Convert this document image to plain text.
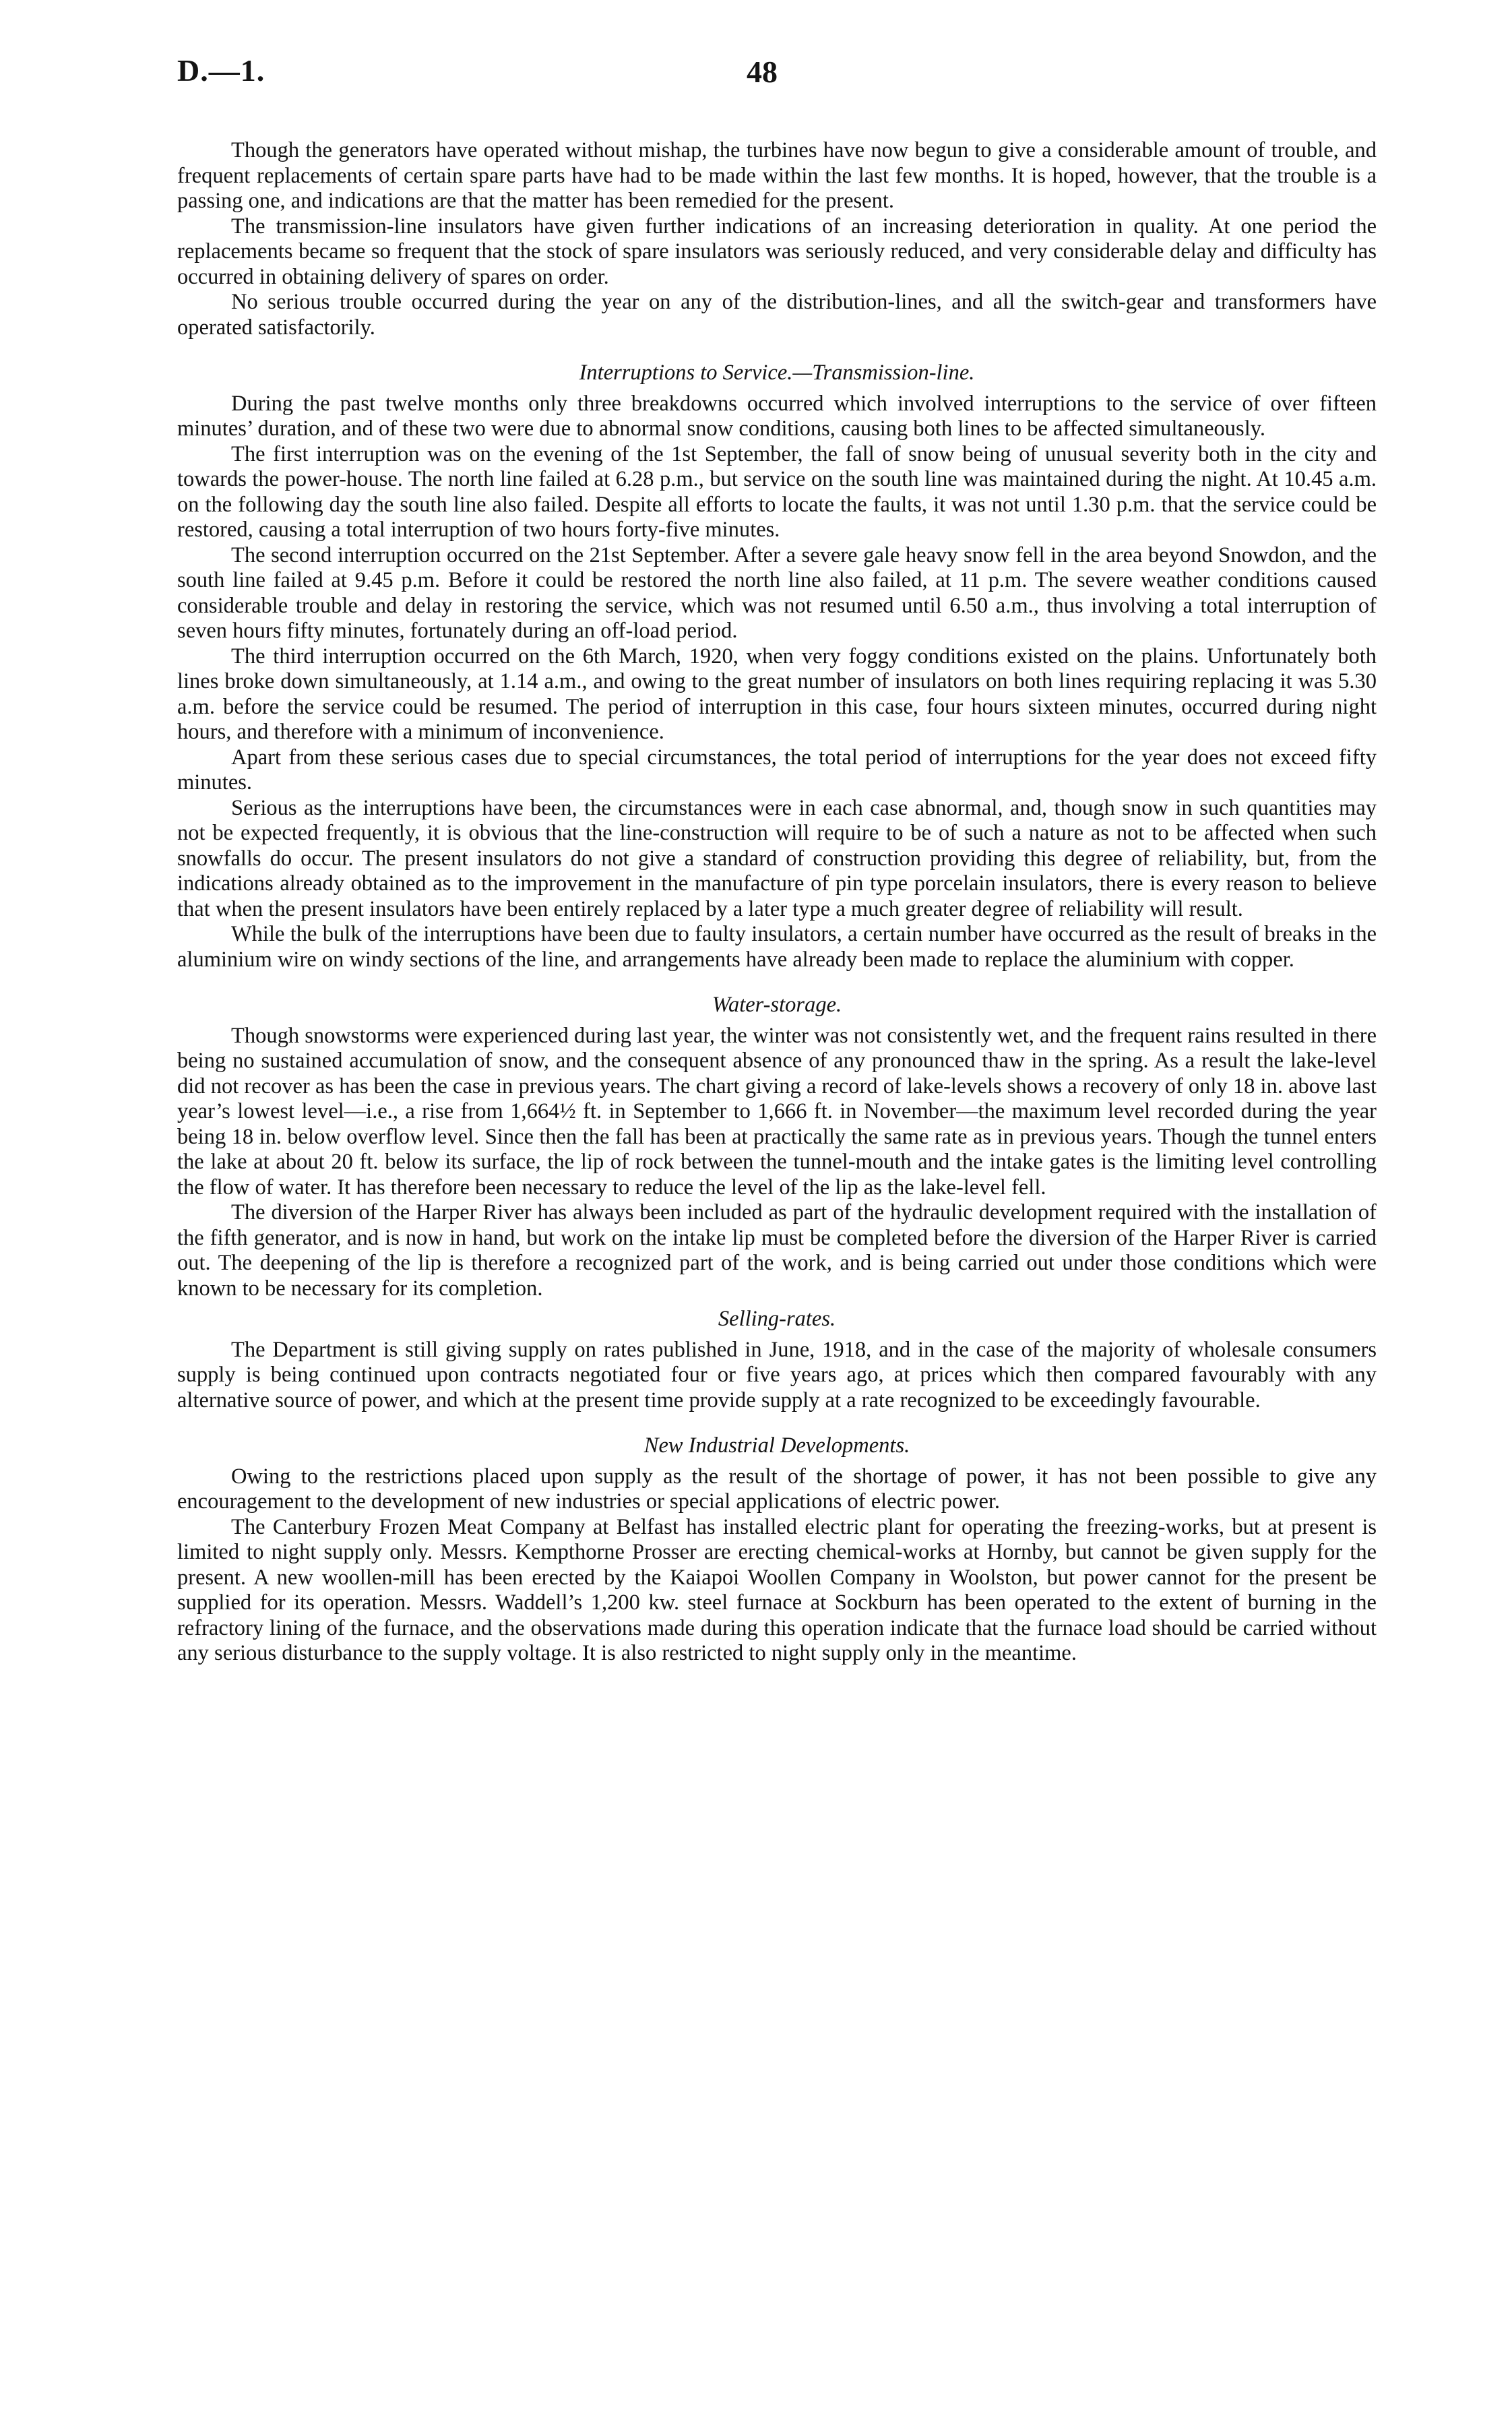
D.—1.	48

Though the generators have operated without mishap, the turbines have now begun to give a considerable amount of trouble, and frequent replacements of certain spare parts have had to be made within the last few months. It is hoped, however, that the trouble is a passing one, and indications are that the matter has been remedied for the present.

The transmission-line insulators have given further indications of an increasing deterioration in quality. At one period the replacements became so frequent that the stock of spare insulators was seriously reduced, and very considerable delay and difficulty has occurred in obtaining delivery of spares on order.

No serious trouble occurred during the year on any of the distribution-lines, and all the switch-gear and transformers have operated satisfactorily.

Interruptions to Service.—Transmission-line.

During the past twelve months only three breakdowns occurred which involved interruptions to the service of over fifteen minutes’ duration, and of these two were due to abnormal snow conditions, causing both lines to be affected simultaneously.

The first interruption was on the evening of the 1st September, the fall of snow being of unusual severity both in the city and towards the power-house. The north line failed at 6.28 p.m., but service on the south line was maintained during the night. At 10.45 a.m. on the following day the south line also failed. Despite all efforts to locate the faults, it was not until 1.30 p.m. that the service could be restored, causing a total interruption of two hours forty-five minutes.

The second interruption occurred on the 21st September. After a severe gale heavy snow fell in the area beyond Snowdon, and the south line failed at 9.45 p.m. Before it could be restored the north line also failed, at 11 p.m. The severe weather conditions caused considerable trouble and delay in restoring the service, which was not resumed until 6.50 a.m., thus involving a total interruption of seven hours fifty minutes, fortunately during an off-load period.

The third interruption occurred on the 6th March, 1920, when very foggy conditions existed on the plains. Unfortunately both lines broke down simultaneously, at 1.14 a.m., and owing to the great number of insulators on both lines requiring replacing it was 5.30 a.m. before the service could be resumed. The period of interruption in this case, four hours sixteen minutes, occurred during night hours, and therefore with a minimum of inconvenience.

Apart from these serious cases due to special circumstances, the total period of interruptions for the year does not exceed fifty minutes.

Serious as the interruptions have been, the circumstances were in each case abnormal, and, though snow in such quantities may not be expected frequently, it is obvious that the line-construction will require to be of such a nature as not to be affected when such snowfalls do occur. The present insulators do not give a standard of construction providing this degree of reliability, but, from the indications already obtained as to the improvement in the manufacture of pin type porcelain insulators, there is every reason to believe that when the present insulators have been entirely replaced by a later type a much greater degree of reliability will result.

While the bulk of the interruptions have been due to faulty insulators, a certain number have occurred as the result of breaks in the aluminium wire on windy sections of the line, and arrangements have already been made to replace the aluminium with copper.

Water-storage.

Though snowstorms were experienced during last year, the winter was not consistently wet, and the frequent rains resulted in there being no sustained accumulation of snow, and the consequent absence of any pronounced thaw in the spring. As a result the lake-level did not recover as has been the case in previous years. The chart giving a record of lake-levels shows a recovery of only 18 in. above last year’s lowest level—i.e., a rise from 1,664½ ft. in September to 1,666 ft. in November—the maximum level recorded during the year being 18 in. below overflow level. Since then the fall has been at practically the same rate as in previous years. Though the tunnel enters the lake at about 20 ft. below its surface, the lip of rock between the tunnel-mouth and the intake gates is the limiting level controlling the flow of water. It has therefore been necessary to reduce the level of the lip as the lake-level fell.

The diversion of the Harper River has always been included as part of the hydraulic development required with the installation of the fifth generator, and is now in hand, but work on the intake lip must be completed before the diversion of the Harper River is carried out. The deepening of the lip is therefore a recognized part of the work, and is being carried out under those conditions which were known to be necessary for its completion.

Selling-rates.

The Department is still giving supply on rates published in June, 1918, and in the case of the majority of wholesale consumers supply is being continued upon contracts negotiated four or five years ago, at prices which then compared favourably with any alternative source of power, and which at the present time provide supply at a rate recognized to be exceedingly favourable.

New Industrial Developments.

Owing to the restrictions placed upon supply as the result of the shortage of power, it has not been possible to give any encouragement to the development of new industries or special applications of electric power.

The Canterbury Frozen Meat Company at Belfast has installed electric plant for operating the freezing-works, but at present is limited to night supply only. Messrs. Kempthorne Prosser are erecting chemical-works at Hornby, but cannot be given supply for the present. A new woollen-mill has been erected by the Kaiapoi Woollen Company in Woolston, but power cannot for the present be supplied for its operation. Messrs. Waddell’s 1,200 kw. steel furnace at Sockburn has been operated to the extent of burning in the refractory lining of the furnace, and the observations made during this operation indicate that the furnace load should be carried without any serious disturbance to the supply voltage. It is also restricted to night supply only in the meantime.
